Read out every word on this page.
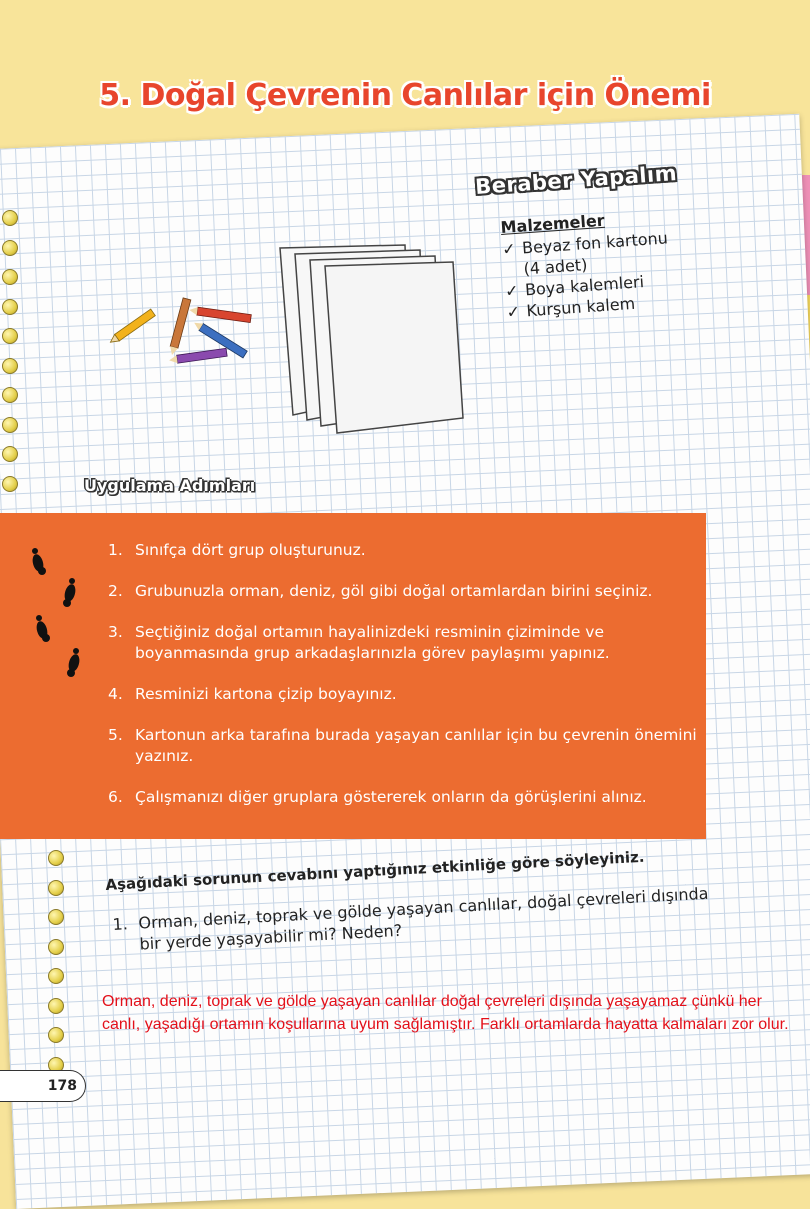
5. Doğal Çevrenin Canlılar için Önemi
Beraber Yapalım
Malzemeler
✓ Beyaz fon kartonu
(4 adet)
✓ Boya kalemleri
✓ Kurşun kalem
Uygulama Adımları
1. Sınıfça dört grup oluşturunuz.
2. Grubunuzla orman, deniz, göl gibi doğal ortamlardan birini seçiniz.
3. Seçtiğiniz doğal ortamın hayalinizdeki resminin çiziminde ve boyanmasında grup arkadaşlarınızla görev paylaşımı yapınız.
4. Resminizi kartona çizip boyayınız.
5. Kartonun arka tarafına burada yaşayan canlılar için bu çevrenin önemini yazınız.
6. Çalışmanızı diğer gruplara göstererek onların da görüşlerini alınız.
Aşağıdaki sorunun cevabını yaptığınız etkinliğe göre söyleyiniz.
1. Orman, deniz, toprak ve gölde yaşayan canlılar, doğal çevreleri dışında bir yerde yaşayabilir mi? Neden?
Orman, deniz, toprak ve gölde yaşayan canlılar doğal çevreleri dışında yaşayamaz çünkü her canlı, yaşadığı ortamın koşullarına uyum sağlamıştır. Farklı ortamlarda hayatta kalmaları zor olur.
178
